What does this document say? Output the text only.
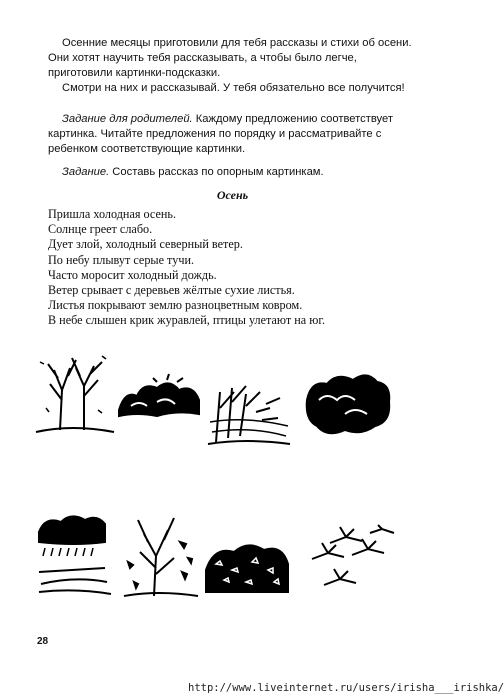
Осенние месяцы приготовили для тебя рассказы и стихи об осени. Они хотят научить тебя рассказывать, а чтобы было легче, приготовили картинки-подсказки.

Смотри на них и рассказывай. У тебя обязательно все получится!

Задание для родителей. Каждому предложению соответствует картинка. Читайте предложения по порядку и рассматривайте с ребенком соответствующие картинки.

Задание. Составь рассказ по опорным картинкам.

Осень
Пришла холодная осень.
Солнце греет слабо.
Дует злой, холодный северный ветер.
По небу плывут серые тучи.
Часто моросит холодный дождь.
Ветер срывает с деревьев жёлтые сухие листья.
Листья покрывают землю разноцветным ковром.
В небе слышен крик журавлей, птицы улетают на юг.
28
http://www.liveinternet.ru/users/irisha___irishka/
